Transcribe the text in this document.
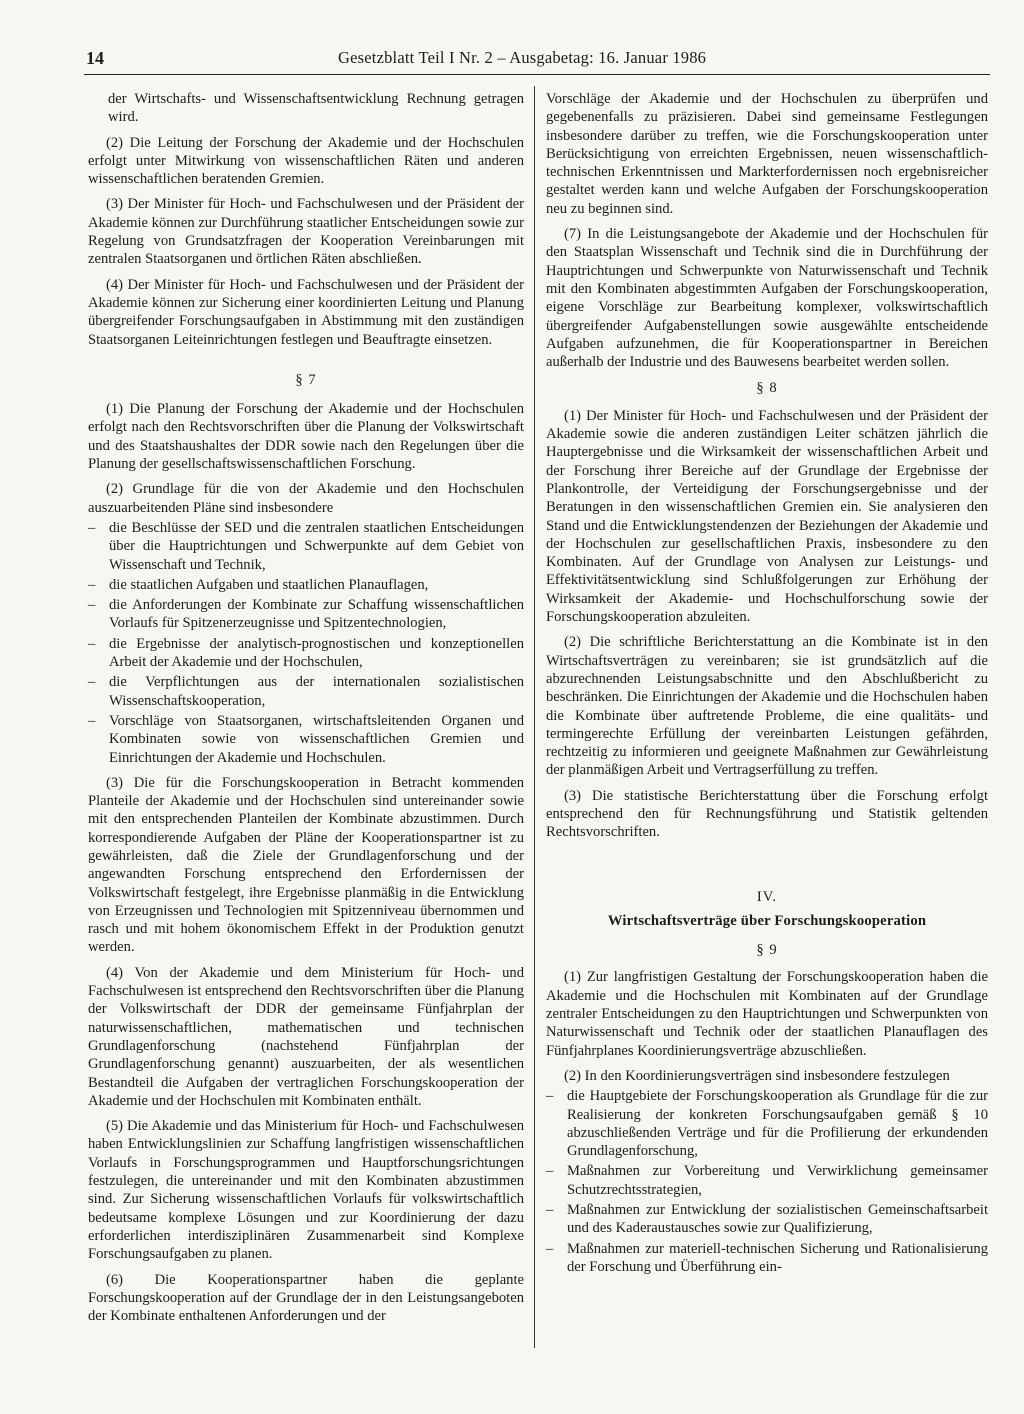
14	Gesetzblatt Teil I Nr. 2 – Ausgabetag: 16. Januar 1986

der Wirtschafts- und Wissenschaftsentwicklung Rechnung getragen wird.

(2) Die Leitung der Forschung der Akademie und der Hochschulen erfolgt unter Mitwirkung von wissenschaftlichen Räten und anderen wissenschaftlichen beratenden Gremien.

(3) Der Minister für Hoch- und Fachschulwesen und der Präsident der Akademie können zur Durchführung staatlicher Entscheidungen sowie zur Regelung von Grundsatzfragen der Kooperation Vereinbarungen mit zentralen Staatsorganen und örtlichen Räten abschließen.

(4) Der Minister für Hoch- und Fachschulwesen und der Präsident der Akademie können zur Sicherung einer koordinierten Leitung und Planung übergreifender Forschungsaufgaben in Abstimmung mit den zuständigen Staatsorganen Leiteinrichtungen festlegen und Beauftragte einsetzen.

§ 7

(1) Die Planung der Forschung der Akademie und der Hochschulen erfolgt nach den Rechtsvorschriften über die Planung der Volkswirtschaft und des Staatshaushaltes der DDR sowie nach den Regelungen über die Planung der gesellschaftswissenschaftlichen Forschung.

(2) Grundlage für die von der Akademie und den Hochschulen auszuarbeitenden Pläne sind insbesondere

– die Beschlüsse der SED und die zentralen staatlichen Entscheidungen über die Hauptrichtungen und Schwerpunkte auf dem Gebiet von Wissenschaft und Technik,
– die staatlichen Aufgaben und staatlichen Planauflagen,
– die Anforderungen der Kombinate zur Schaffung wissenschaftlichen Vorlaufs für Spitzenerzeugnisse und Spitzentechnologien,
– die Ergebnisse der analytisch-prognostischen und konzeptionellen Arbeit der Akademie und der Hochschulen,
– die Verpflichtungen aus der internationalen sozialistischen Wissenschaftskooperation,
– Vorschläge von Staatsorganen, wirtschaftsleitenden Organen und Kombinaten sowie von wissenschaftlichen Gremien und Einrichtungen der Akademie und Hochschulen.

(3) Die für die Forschungskooperation in Betracht kommenden Planteile der Akademie und der Hochschulen sind untereinander sowie mit den entsprechenden Planteilen der Kombinate abzustimmen. Durch korrespondierende Aufgaben der Pläne der Kooperationspartner ist zu gewährleisten, daß die Ziele der Grundlagenforschung und der angewandten Forschung entsprechend den Erfordernissen der Volkswirtschaft festgelegt, ihre Ergebnisse planmäßig in die Entwicklung von Erzeugnissen und Technologien mit Spitzenniveau übernommen und rasch und mit hohem ökonomischem Effekt in der Produktion genutzt werden.

(4) Von der Akademie und dem Ministerium für Hoch- und Fachschulwesen ist entsprechend den Rechtsvorschriften über die Planung der Volkswirtschaft der DDR der gemeinsame Fünfjahrplan der naturwissenschaftlichen, mathematischen und technischen Grundlagenforschung (nachstehend Fünfjahrplan der Grundlagenforschung genannt) auszuarbeiten, der als wesentlichen Bestandteil die Aufgaben der vertraglichen Forschungskooperation der Akademie und der Hochschulen mit Kombinaten enthält.

(5) Die Akademie und das Ministerium für Hoch- und Fachschulwesen haben Entwicklungslinien zur Schaffung langfristigen wissenschaftlichen Vorlaufs in Forschungsprogrammen und Hauptforschungsrichtungen festzulegen, die untereinander und mit den Kombinaten abzustimmen sind. Zur Sicherung wissenschaftlichen Vorlaufs für volkswirtschaftlich bedeutsame komplexe Lösungen und zur Koordinierung der dazu erforderlichen interdisziplinären Zusammenarbeit sind Komplexe Forschungsaufgaben zu planen.

(6) Die Kooperationspartner haben die geplante Forschungskooperation auf der Grundlage der in den Leistungsangeboten der Kombinate enthaltenen Anforderungen und der

Vorschläge der Akademie und der Hochschulen zu überprüfen und gegebenenfalls zu präzisieren. Dabei sind gemeinsame Festlegungen insbesondere darüber zu treffen, wie die Forschungskooperation unter Berücksichtigung von erreichten Ergebnissen, neuen wissenschaftlich-technischen Erkenntnissen und Markterfordernissen noch ergebnisreicher gestaltet werden kann und welche Aufgaben der Forschungskooperation neu zu beginnen sind.

(7) In die Leistungsangebote der Akademie und der Hochschulen für den Staatsplan Wissenschaft und Technik sind die in Durchführung der Hauptrichtungen und Schwerpunkte von Naturwissenschaft und Technik mit den Kombinaten abgestimmten Aufgaben der Forschungskooperation, eigene Vorschläge zur Bearbeitung komplexer, volkswirtschaftlich übergreifender Aufgabenstellungen sowie ausgewählte entscheidende Aufgaben aufzunehmen, die für Kooperationspartner in Bereichen außerhalb der Industrie und des Bauwesens bearbeitet werden sollen.

§ 8

(1) Der Minister für Hoch- und Fachschulwesen und der Präsident der Akademie sowie die anderen zuständigen Leiter schätzen jährlich die Hauptergebnisse und die Wirksamkeit der wissenschaftlichen Arbeit und der Forschung ihrer Bereiche auf der Grundlage der Ergebnisse der Plankontrolle, der Verteidigung der Forschungsergebnisse und der Beratungen in den wissenschaftlichen Gremien ein. Sie analysieren den Stand und die Entwicklungstendenzen der Beziehungen der Akademie und der Hochschulen zur gesellschaftlichen Praxis, insbesondere zu den Kombinaten. Auf der Grundlage von Analysen zur Leistungs- und Effektivitätsentwicklung sind Schlußfolgerungen zur Erhöhung der Wirksamkeit der Akademie- und Hochschulforschung sowie der Forschungskooperation abzuleiten.

(2) Die schriftliche Berichterstattung an die Kombinate ist in den Wirtschaftsverträgen zu vereinbaren; sie ist grundsätzlich auf die abzurechnenden Leistungsabschnitte und den Abschlußbericht zu beschränken. Die Einrichtungen der Akademie und die Hochschulen haben die Kombinate über auftretende Probleme, die eine qualitäts- und termingerechte Erfüllung der vereinbarten Leistungen gefährden, rechtzeitig zu informieren und geeignete Maßnahmen zur Gewährleistung der planmäßigen Arbeit und Vertragserfüllung zu treffen.

(3) Die statistische Berichterstattung über die Forschung erfolgt entsprechend den für Rechnungsführung und Statistik geltenden Rechtsvorschriften.

IV.
Wirtschaftsverträge über Forschungskooperation
§ 9

(1) Zur langfristigen Gestaltung der Forschungskooperation haben die Akademie und die Hochschulen mit Kombinaten auf der Grundlage zentraler Entscheidungen zu den Hauptrichtungen und Schwerpunkten von Naturwissenschaft und Technik oder der staatlichen Planauflagen des Fünfjahrplanes Koordinierungsverträge abzuschließen.

(2) In den Koordinierungsverträgen sind insbesondere festzulegen

– die Hauptgebiete der Forschungskooperation als Grundlage für die zur Realisierung der konkreten Forschungsaufgaben gemäß § 10 abzuschließenden Verträge und für die Profilierung der erkundenden Grundlagenforschung,
– Maßnahmen zur Vorbereitung und Verwirklichung gemeinsamer Schutzrechtsstrategien,
– Maßnahmen zur Entwicklung der sozialistischen Gemeinschaftsarbeit und des Kaderaustausches sowie zur Qualifizierung,
– Maßnahmen zur materiell-technischen Sicherung und Rationalisierung der Forschung und Überführung ein-
